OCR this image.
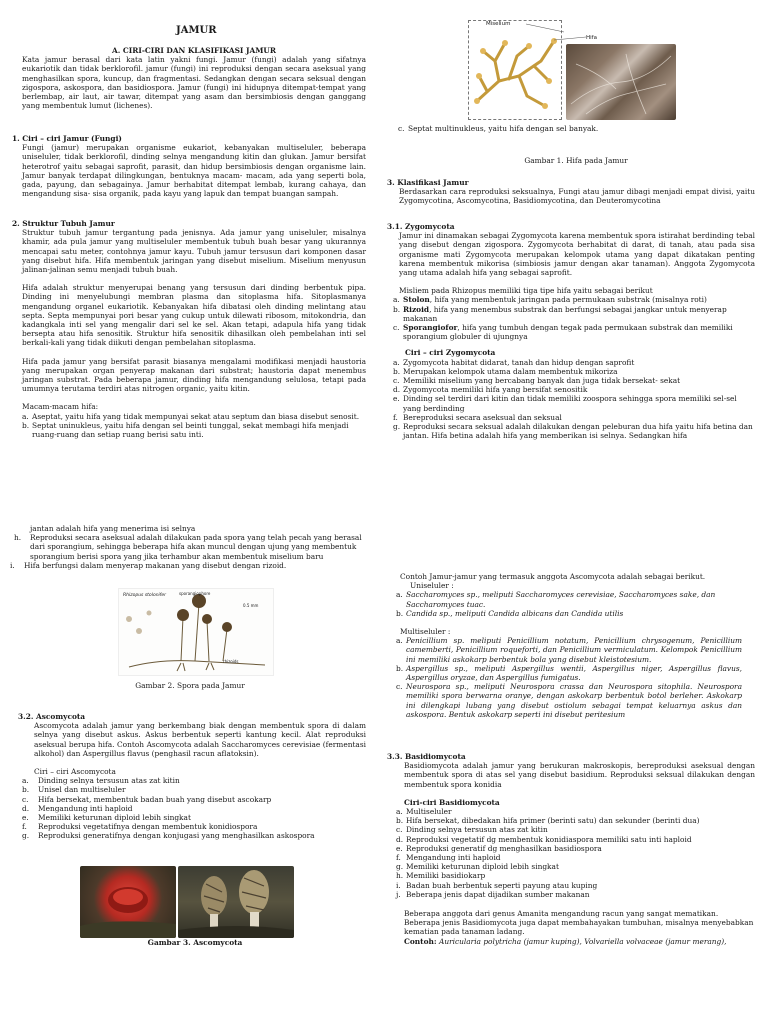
JAMUR
A. CIRI-CIRI DAN KLASIFIKASI JAMUR

Kata jamur berasal dari kata latin yakni fungi. Jamur (fungi) adalah yang sifatnya eukariotik dan tidak berklorofil. jamur (fungi) ini reproduksi dengan secara aseksual yang menghasilkan spora, kuncup, dan fragmentasi. Sedangkan dengan secara seksual dengan zigospora, askospora, dan basidiospora. Jamur (fungi) ini hidupnya ditempat-tempat yang berlembap, air laut, air tawar, ditempat yang asam dan bersimbiosis dengan ganggang yang membentuk lumut (lichenes).

1. Ciri – ciri Jamur (Fungi)

Fungi (jamur) merupakan organisme eukariot, kebanyakan multiseluler, beberapa uniseluler, tidak berklorofil, dinding selnya mengandung kitin dan glukan. Jamur bersifat heterotrof yaitu sebagai saprofit, parasit, dan hidup bersimbiosis dengan organisme lain. Jamur banyak terdapat dilingkungan, bentuknya macam- macam, ada yang seperti bola, gada, payung, dan sebagainya. Jamur berhabitat ditempat lembab, kurang cahaya, dan mengandung sisa- sisa organik, pada kayu yang lapuk dan tempat buangan sampah.

2. Struktur Tubuh Jamur

Struktur tubuh jamur tergantung pada jenisnya. Ada jamur yang uniseluler, misalnya khamir, ada pula jamur yang multiseluler membentuk tubuh buah besar yang ukurannya mencapai satu meter, contohnya jamur kayu. Tubuh jamur tersusun dari komponen dasar yang disebut hifa. Hifa membentuk jaringan yang disebut miselium. Miselium menyusun jalinan-jalinan semu menjadi tubuh buah.

Hifa adalah struktur menyerupai benang yang tersusun dari dinding berbentuk pipa. Dinding ini menyelubungi membran plasma dan sitoplasma hifa. Sitoplasmanya mengandung organel eukariotik. Kebanyakan hifa dibatasi oleh dinding melintang atau septa. Septa mempunyai pori besar yang cukup untuk dilewati ribosom, mitokondria, dan kadangkala inti sel yang mengalir dari sel ke sel. Akan tetapi, adapula hifa yang tidak bersepta atau hifa senositik. Struktur hifa senositik dihasilkan oleh pembelahan inti sel berkali-kali yang tidak diikuti dengan pembelahan sitoplasma.

Hifa pada jamur yang bersifat parasit biasanya mengalami modifikasi menjadi haustoria yang merupakan organ penyerap makanan dari substrat; haustoria dapat menembus jaringan substrat. Pada beberapa jamur, dinding hifa mengandung selulosa, tetapi pada umumnya terutama terdiri atas nitrogen organic, yaitu kitin.

Macam-macam hifa:
a. Aseptat, yaitu hifa yang tidak mempunyai sekat atau septum dan biasa disebut senosit.
b. Septat uninukleus, yaitu hifa dengan sel beinti tunggal, sekat membagi hifa menjadi ruang-ruang dan setiap ruang berisi satu inti.
Miselium
Hifa
c. Septat multinukleus, yaitu hifa dengan sel banyak.
Gambar 1. Hifa pada Jamur
3. Klasifikasi Jamur

Berdasarkan cara reproduksi seksualnya, Fungi atau jamur dibagi menjadi empat divisi, yaitu Zygomycotina, Ascomycotina, Basidiomycotina, dan Deuteromycotina

3.1. Zygomycota

Jamur ini dinamakan sebagai Zygomycota karena membentuk spora istirahat berdinding tebal yang disebut dengan zigospora. Zygomycota berhabitat di darat, di tanah, atau pada sisa organisme mati Zygomycota merupakan kelompok utama yang dapat dikatakan penting karena membentuk mikorisa (simbiosis jamur dengan akar tanaman). Anggota Zygomycota yang utama adalah hifa yang sebagai saprofit.

Misliem pada Rhizopus memiliki tiga tipe hifa yaitu sebagai berikut
a. Stolon, hifa yang membentuk jaringan pada permukaan substrak (misalnya roti)
b. Rizoid, hifa yang menembus substrak dan berfungsi sebagai jangkar untuk menyerap makanan
c. Sporangiofor, hifa yang tumbuh dengan tegak pada permukaan substrak dan memiliki sporangium globuler di ujungnya
Ciri – ciri Zygomycota
a. Zygomycota habitat didarat, tanah dan hidup dengan saprofit
b. Merupakan kelompok utama dalam membentuk mikoriza
c. Memiliki miselium yang bercabang banyak dan juga tidak bersekat- sekat
d. Zygomycota memiliki hifa yang bersifat senositik
e. Dinding sel terdiri dari kitin dan tidak memiliki zoospora sehingga spora memiliki sel-sel yang berdinding
f. Bereproduksi secara aseksual dan seksual
g. Reproduksi secara seksual adalah dilakukan dengan peleburan dua hifa yaitu hifa betina dan jantan. Hifa betina adalah hifa yang memberikan isi selnya. Sedangkan hifa
jantan adalah hifa yang menerima isi selnya
h. Reproduksi secara aseksual adalah dilakukan pada spora yang telah pecah yang berasal dari sporangium, sehingga beberapa hifa akan muncul dengan ujung yang membentuk sporangium berisi spora yang jika terhambur akan membentuk miselium baru
i. Hifa berfungsi dalam menyerap makanan yang disebut dengan rizoid.
Rhizopus stolonifer	sporangiophore
0.5 mm
rhizoids
Gambar 2. Spora pada Jamur
3.2. Ascomycota

Ascomycota adalah jamur yang berkembang biak dengan membentuk spora di dalam selnya yang disebut askus. Askus berbentuk seperti kantung kecil. Alat reproduksi aseksual berupa hifa. Contoh Ascomycota adalah Saccharomyces cerevisiae (fermentasi alkohol) dan Aspergillus flavus (penghasil racun aflatoksin).

Ciri – ciri Ascomycota
a. Dinding selnya tersusun atas zat kitin
b. Unisel dan multiseluler
c. Hifa bersekat, membentuk badan buah yang disebut ascokarp
d. Mengandung inti haploid
e. Memiliki keturunan diploid lebih singkat
f. Reproduksi vegetatifnya dengan membentuk konidiospora
g. Reproduksi generatifnya dengan konjugasi yang menghasilkan askospora
Gambar 3. Ascomycota
Contoh Jamur-jamur yang termasuk anggota Ascomycota adalah sebagai berikut.
Uniseluler :
a. Saccharomyces sp., meliputi Saccharomyces cerevisiae, Saccharomyces sake, dan Saccharomyces tuac.
b. Candida sp., meliputi Candida albicans dan Candida utilis
Multiseluler :
a. Penicillium sp. meliputi Penicillium notatum, Penicillium chrysogenum, Penicillium camemberti, Penicillium roqueforti, dan Penicillium vermiculatum. Kelompok Penicillium ini memiliki askokarp berbentuk bola yang disebut kleistotesium.
b. Aspergillus sp., meliputi Aspergillus wentii, Aspergillus niger, Aspergillus flavus, Aspergillus oryzae, dan Aspergillus fumigatus.
c. Neurospora sp., meliputi Neurospora crassa dan Neurospora sitophila. Neurospora memiliki spora berwarna oranye, dengan askokarp berbentuk botol berleher. Askokarp ini dilengkapi lubang yang disebut ostiolum sebagai tempat keluarnya askus dan askospora. Bentuk askokarp seperti ini disebut peritesium
3.3. Basidiomycota

Basidiomycota adalah jamur yang berukuran makroskopis, bereproduksi aseksual dengan membentuk spora di atas sel yang disebut basidium. Reproduksi seksual dilakukan dengan membentuk spora konidia

Ciri-ciri Basidiomycota
a. Multiseluler
b. Hifa bersekat, dibedakan hifa primer (berinti satu) dan sekunder (berinti dua)
c. Dinding selnya tersusun atas zat kitin
d. Reproduksi vegetatif dg membentuk konidiaspora memiliki satu inti haploid
e. Reproduksi generatif dg menghasilkan basidiospora
f. Mengandung inti haploid
g. Memiliki keturunan diploid lebih singkat
h. Memiliki basidiokarp
i. Badan buah berbentuk seperti payung atau kuping
j. Beberapa jenis dapat dijadikan sumber makanan
Beberapa anggota dari genus Amanita mengandung racun yang sangat mematikan.
Beberapa jenis Basidiomycota juga dapat membahayakan tumbuhan, misalnya menyebabkan kematian pada tanaman ladang.
Contoh: Auricularia polytricha (jamur kuping), Volvariella volvaceae (jamur merang),
